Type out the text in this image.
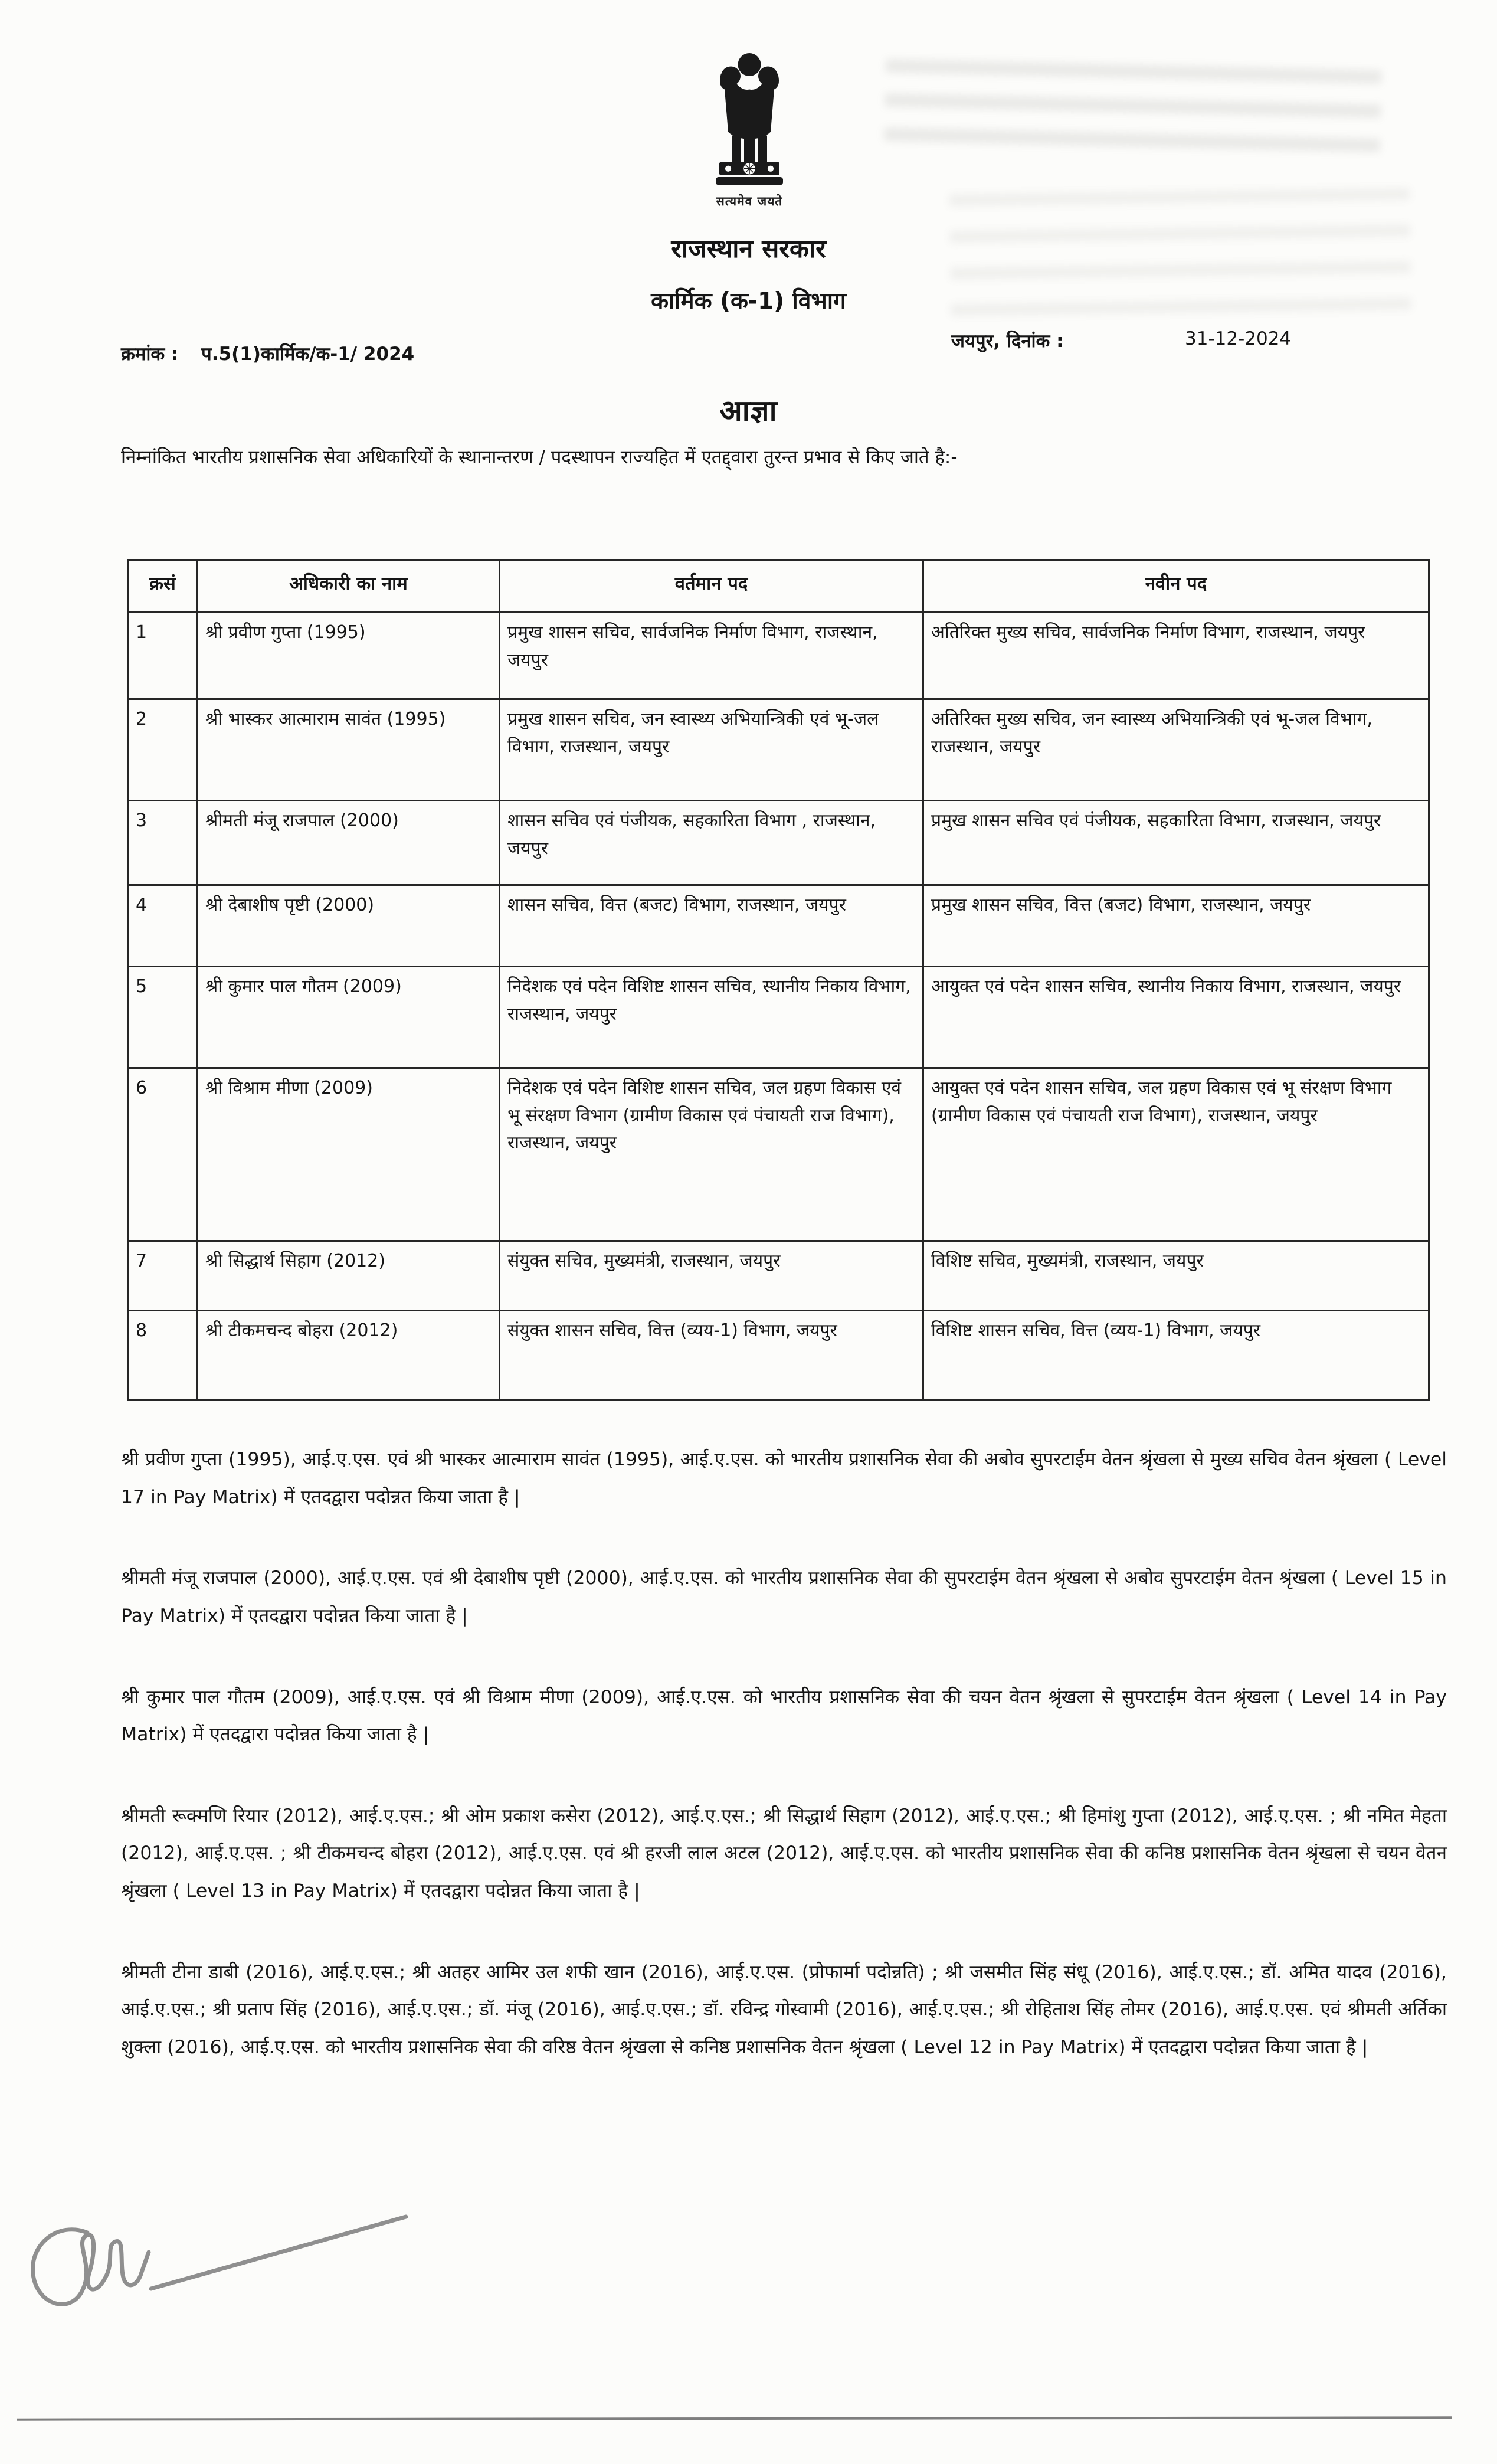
सत्यमेव जयते
राजस्थान सरकार
कार्मिक (क-1) विभाग
क्रमांक : प.5(1)कार्मिक/क-1/ 2024
जयपुर, दिनांक :	31-12-2024
आज्ञा
निम्नांकित भारतीय प्रशासनिक सेवा अधिकारियों के स्थानान्तरण / पदस्थापन राज्यहित में एतद्द्वारा तुरन्त प्रभाव से किए जाते है:-
क्रसं	अधिकारी का नाम	वर्तमान पद	नवीन पद
1	श्री प्रवीण गुप्ता (1995)	प्रमुख शासन सचिव, सार्वजनिक निर्माण विभाग, राजस्थान, जयपुर	अतिरिक्त मुख्य सचिव, सार्वजनिक निर्माण विभाग, राजस्थान, जयपुर
2	श्री भास्कर आत्माराम सावंत (1995)	प्रमुख शासन सचिव, जन स्वास्थ्य अभियान्त्रिकी एवं भू-जल विभाग, राजस्थान, जयपुर	अतिरिक्त मुख्य सचिव, जन स्वास्थ्य अभियान्त्रिकी एवं भू-जल विभाग, राजस्थान, जयपुर
3	श्रीमती मंजू राजपाल (2000)	शासन सचिव एवं पंजीयक, सहकारिता विभाग , राजस्थान, जयपुर	प्रमुख शासन सचिव एवं पंजीयक, सहकारिता विभाग, राजस्थान, जयपुर
4	श्री देबाशीष पृष्टी (2000)	शासन सचिव, वित्त (बजट) विभाग, राजस्थान, जयपुर	प्रमुख शासन सचिव, वित्त (बजट) विभाग, राजस्थान, जयपुर
5	श्री कुमार पाल गौतम (2009)	निदेशक एवं पदेन विशिष्ट शासन सचिव, स्थानीय निकाय विभाग, राजस्थान, जयपुर	आयुक्त एवं पदेन शासन सचिव, स्थानीय निकाय विभाग, राजस्थान, जयपुर
6	श्री विश्राम मीणा (2009)	निदेशक एवं पदेन विशिष्ट शासन सचिव, जल ग्रहण विकास एवं भू संरक्षण विभाग (ग्रामीण विकास एवं पंचायती राज विभाग), राजस्थान, जयपुर	आयुक्त एवं पदेन शासन सचिव, जल ग्रहण विकास एवं भू संरक्षण विभाग (ग्रामीण विकास एवं पंचायती राज विभाग), राजस्थान, जयपुर
7	श्री सिद्धार्थ सिहाग (2012)	संयुक्त सचिव, मुख्यमंत्री, राजस्थान, जयपुर	विशिष्ट सचिव, मुख्यमंत्री, राजस्थान, जयपुर
8	श्री टीकमचन्द बोहरा (2012)	संयुक्त शासन सचिव, वित्त (व्यय-1) विभाग, जयपुर	विशिष्ट शासन सचिव, वित्त (व्यय-1) विभाग, जयपुर

श्री प्रवीण गुप्ता (1995), आई.ए.एस. एवं श्री भास्कर आत्माराम सावंत (1995), आई.ए.एस. को भारतीय प्रशासनिक सेवा की अबोव सुपरटाईम वेतन श्रृंखला से मुख्य सचिव वेतन श्रृंखला ( Level 17 in Pay Matrix) में एतदद्वारा पदोन्नत किया जाता है |

श्रीमती मंजू राजपाल (2000), आई.ए.एस. एवं श्री देबाशीष पृष्टी (2000), आई.ए.एस. को भारतीय प्रशासनिक सेवा की सुपरटाईम वेतन श्रृंखला से अबोव सुपरटाईम वेतन श्रृंखला ( Level 15 in Pay Matrix) में एतदद्वारा पदोन्नत किया जाता है |

श्री कुमार पाल गौतम (2009), आई.ए.एस. एवं श्री विश्राम मीणा (2009), आई.ए.एस. को भारतीय प्रशासनिक सेवा की चयन वेतन श्रृंखला से सुपरटाईम वेतन श्रृंखला ( Level 14 in Pay Matrix) में एतदद्वारा पदोन्नत किया जाता है |

श्रीमती रूक्मणि रियार (2012), आई.ए.एस.; श्री ओम प्रकाश कसेरा (2012), आई.ए.एस.; श्री सिद्धार्थ सिहाग (2012), आई.ए.एस.; श्री हिमांशु गुप्ता (2012), आई.ए.एस. ; श्री नमित मेहता (2012), आई.ए.एस. ; श्री टीकमचन्द बोहरा (2012), आई.ए.एस. एवं श्री हरजी लाल अटल (2012), आई.ए.एस. को भारतीय प्रशासनिक सेवा की कनिष्ठ प्रशासनिक वेतन श्रृंखला से चयन वेतन श्रृंखला ( Level 13 in Pay Matrix) में एतदद्वारा पदोन्नत किया जाता है |

श्रीमती टीना डाबी (2016), आई.ए.एस.; श्री अतहर आमिर उल शफी खान (2016), आई.ए.एस. (प्रोफार्मा पदोन्नति) ; श्री जसमीत सिंह संधू (2016), आई.ए.एस.; डॉ. अमित यादव (2016), आई.ए.एस.; श्री प्रताप सिंह (2016), आई.ए.एस.; डॉ. मंजू (2016), आई.ए.एस.; डॉ. रविन्द्र गोस्वामी (2016), आई.ए.एस.; श्री रोहिताश सिंह तोमर (2016), आई.ए.एस. एवं श्रीमती अर्तिका शुक्ला (2016), आई.ए.एस. को भारतीय प्रशासनिक सेवा की वरिष्ठ वेतन श्रृंखला से कनिष्ठ प्रशासनिक वेतन श्रृंखला ( Level 12 in Pay Matrix) में एतदद्वारा पदोन्नत किया जाता है |
